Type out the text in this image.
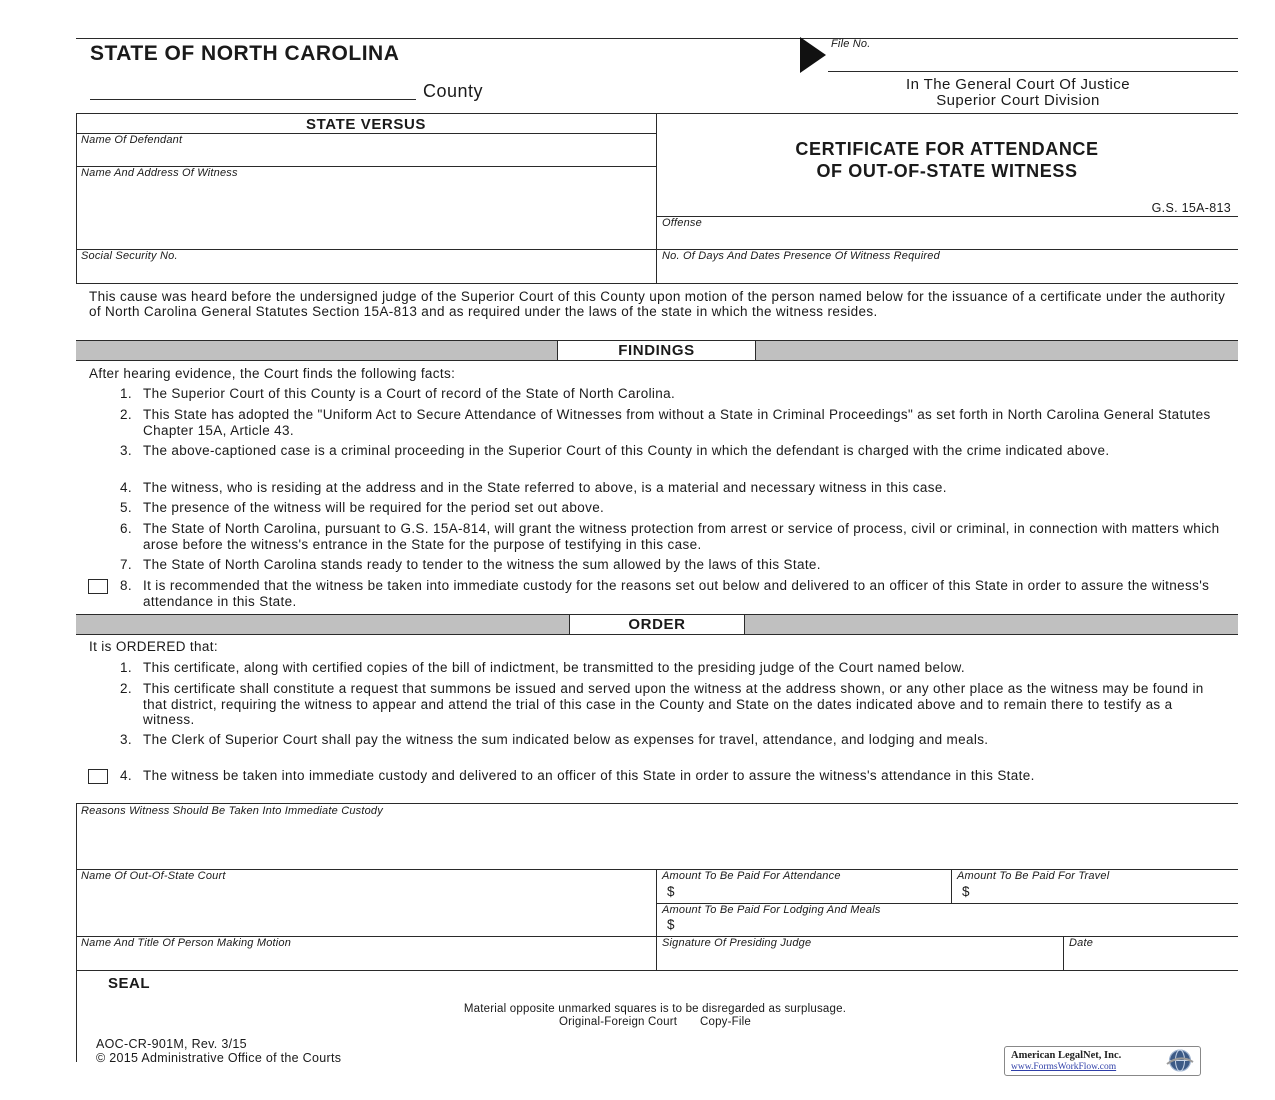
STATE OF NORTH CAROLINA
County
File No.
In The General Court Of Justice
Superior Court Division
STATE VERSUS
Name Of Defendant
Name And Address Of Witness
Social Security No.
CERTIFICATE FOR ATTENDANCE
OF OUT-OF-STATE WITNESS
G.S. 15A-813
Offense
No. Of Days And Dates Presence Of Witness Required
This cause was heard before the undersigned judge of the Superior Court of this County upon motion of the person named below for the issuance of a certificate under the authority of North Carolina General Statutes Section 15A-813 and as required under the laws of the state in which the witness resides.
FINDINGS
After hearing evidence, the Court finds the following facts:
1. The Superior Court of this County is a Court of record of the State of North Carolina.
2. This State has adopted the "Uniform Act to Secure Attendance of Witnesses from without a State in Criminal Proceedings" as set forth in North Carolina General Statutes Chapter 15A, Article 43.
3. The above-captioned case is a criminal proceeding in the Superior Court of this County in which the defendant is charged with the crime indicated above.
4. The witness, who is residing at the address and in the State referred to above, is a material and necessary witness in this case.
5. The presence of the witness will be required for the period set out above.
6. The State of North Carolina, pursuant to G.S. 15A-814, will grant the witness protection from arrest or service of process, civil or criminal, in connection with matters which arose before the witness's entrance in the State for the purpose of testifying in this case.
7. The State of North Carolina stands ready to tender to the witness the sum allowed by the laws of this State.
8. It is recommended that the witness be taken into immediate custody for the reasons set out below and delivered to an officer of this State in order to assure the witness's attendance in this State.
ORDER
It is ORDERED that:
1. This certificate, along with certified copies of the bill of indictment, be transmitted to the presiding judge of the Court named below.
2. This certificate shall constitute a request that summons be issued and served upon the witness at the address shown, or any other place as the witness may be found in that district, requiring the witness to appear and attend the trial of this case in the County and State on the dates indicated above and to remain there to testify as a witness.
3. The Clerk of Superior Court shall pay the witness the sum indicated below as expenses for travel, attendance, and lodging and meals.
4. The witness be taken into immediate custody and delivered to an officer of this State in order to assure the witness's attendance in this State.
Reasons Witness Should Be Taken Into Immediate Custody
Name Of Out-Of-State Court	Amount To Be Paid For Attendance
$
Amount To Be Paid For Travel
$
Amount To Be Paid For Lodging And Meals
$
Name And Title Of Person Making Motion	Signature Of Presiding Judge	Date
SEAL
Material opposite unmarked squares is to be disregarded as surplusage.
Original-Foreign Court Copy-File
AOC-CR-901M, Rev. 3/15
© 2015 Administrative Office of the Courts	American LegalNet, Inc.
www.FormsWorkFlow.com
